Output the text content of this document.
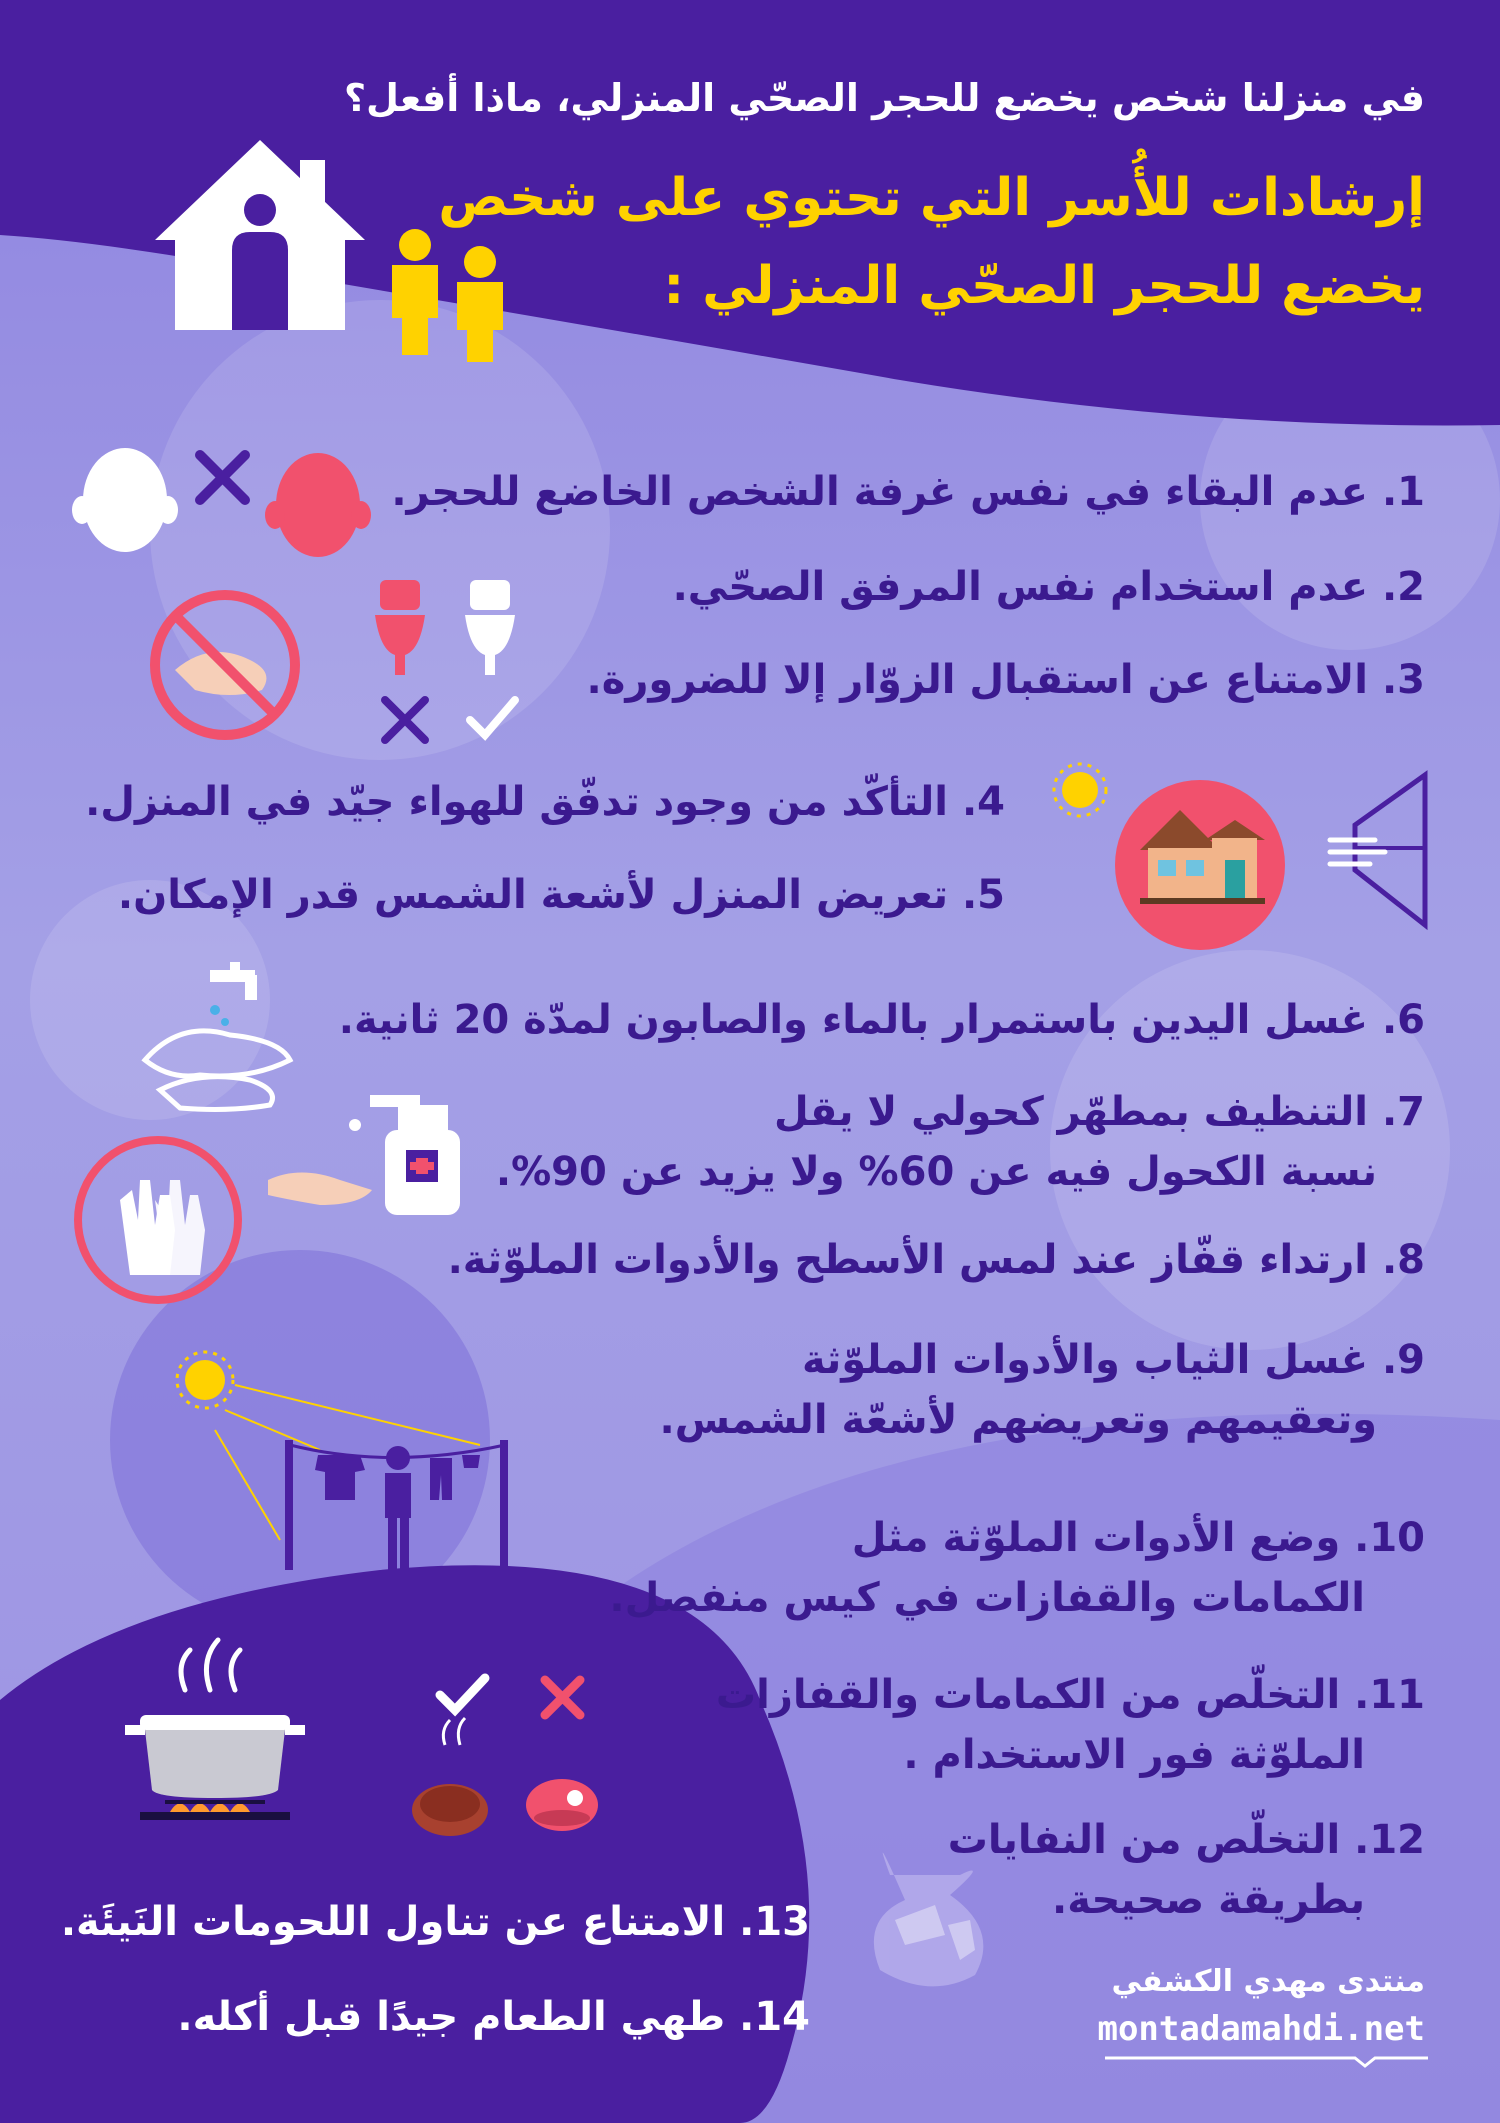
في منزلنا شخص يخضع للحجر الصحّي المنزلي، ماذا أفعل؟
إرشادات للأُسر التي تحتوي على شخص
يخضع للحجر الصحّي المنزلي :
1. عدم البقاء في نفس غرفة الشخص الخاضع للحجر.
2. عدم استخدام نفس المرفق الصحّي.
3. الامتناع عن استقبال الزوّار إلا للضرورة.
4. التأكّد من وجود تدفّق للهواء جيّد في المنزل.
5. تعريض المنزل لأشعة الشمس قدر الإمكان.
6. غسل اليدين باستمرار بالماء والصابون لمدّة 20 ثانية.
7. التنظيف بمطهّر كحولي لا يقل
نسبة الكحول فيه عن 60% ولا يزيد عن 90%.
8. ارتداء قفّاز عند لمس الأسطح والأدوات الملوّثة.
9. غسل الثياب والأدوات الملوّثة
وتعقيمهم وتعريضهم لأشعّة الشمس.
10. وضع الأدوات الملوّثة مثل
الكمامات والقفازات في كيس منفصل.
11. التخلّص من الكمامات والقفازات
الملوّثة فور الاستخدام .
12. التخلّص من النفايات
بطريقة صحيحة.
13. الامتناع عن تناول اللحومات النَيئَة.
14. طهي الطعام جيدًا قبل أكله.
منتدى مهدي الكشفي
montadamahdi.net
